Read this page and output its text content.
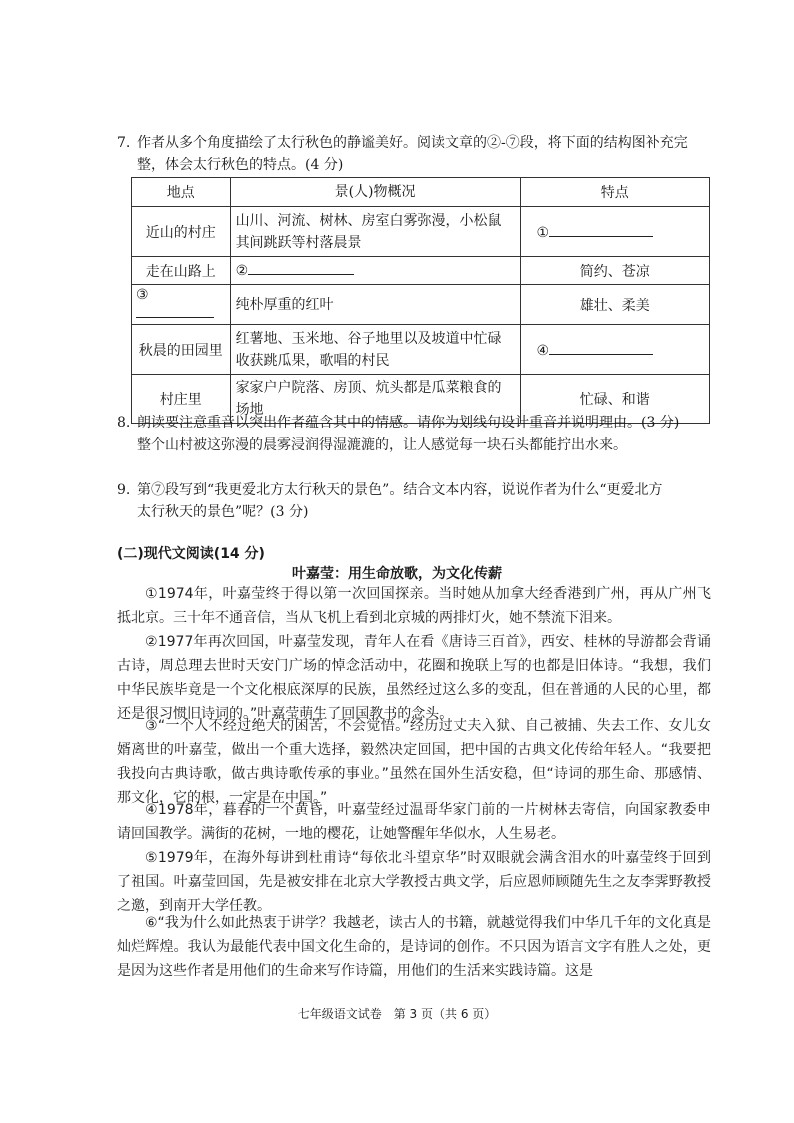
7. 作者从多个角度描绘了太行秋色的静谧美好。阅读文章的②-⑦段，将下面的结构图补充完
整，体会太行秋色的特点。(4 分)
地点	景(人)物概况	特点
近山的村庄	山川、河流、树林、房室白雾弥漫，小松鼠其间跳跃等村落晨景	①
走在山路上	②	简约、苍凉
③	纯朴厚重的红叶	雄壮、柔美
秋晨的田园里	红薯地、玉米地、谷子地里以及坡道中忙碌收获跳瓜果，歌唱的村民	④
村庄里	家家户户院落、房顶、炕头都是瓜菜粮食的场地	忙碌、和谐
8. 朗读要注意重音以突出作者蕴含其中的情感。请你为划线句设计重音并说明理由。(3 分)
整个山村被这弥漫的晨雾浸润得湿漉漉的，让人感觉每一块石头都能拧出水来。
9. 第⑦段写到“我更爱北方太行秋天的景色”。结合文本内容，说说作者为什么“更爱北方
太行秋天的景色”呢？(3 分)
(二)现代文阅读(14 分)
叶嘉莹：用生命放歌，为文化传薪
①1974年，叶嘉莹终于得以第一次回国探亲。当时她从加拿大经香港到广州，再从广州飞抵北京。三十年不通音信，当从飞机上看到北京城的两排灯火，她不禁流下泪来。
②1977年再次回国，叶嘉莹发现，青年人在看《唐诗三百首》，西安、桂林的导游都会背诵古诗，周总理去世时天安门广场的悼念活动中，花圈和挽联上写的也都是旧体诗。“我想，我们中华民族毕竟是一个文化根底深厚的民族，虽然经过这么多的变乱，但在普通的人民的心里，都还是很习惯旧诗词的。”叶嘉莹萌生了回国教书的念头。
③“一个人不经过绝大的困苦，不会觉悟。”经历过丈夫入狱、自己被捕、失去工作、女儿女婿离世的叶嘉莹，做出一个重大选择，毅然决定回国，把中国的古典文化传给年轻人。“我要把我投向古典诗歌，做古典诗歌传承的事业。”虽然在国外生活安稳，但“诗词的那生命、那感情、那文化，它的根，一定是在中国。”
④1978年，暮春的一个黄昏，叶嘉莹经过温哥华家门前的一片树林去寄信，向国家教委申请回国教学。满街的花树，一地的樱花，让她警醒年华似水，人生易老。
⑤1979年，在海外每讲到杜甫诗“每依北斗望京华”时双眼就会满含泪水的叶嘉莹终于回到了祖国。叶嘉莹回国，先是被安排在北京大学教授古典文学，后应恩师顾随先生之友李霁野教授之邀，到南开大学任教。
⑥“我为什么如此热衷于讲学？我越老，读古人的书籍，就越觉得我们中华几千年的文化真是灿烂辉煌。我认为最能代表中国文化生命的，是诗词的创作。不只因为语言文字有胜人之处，更是因为这些作者是用他们的生命来写作诗篇，用他们的生活来实践诗篇。这是
七年级语文试卷　第 3 页（共 6 页）
